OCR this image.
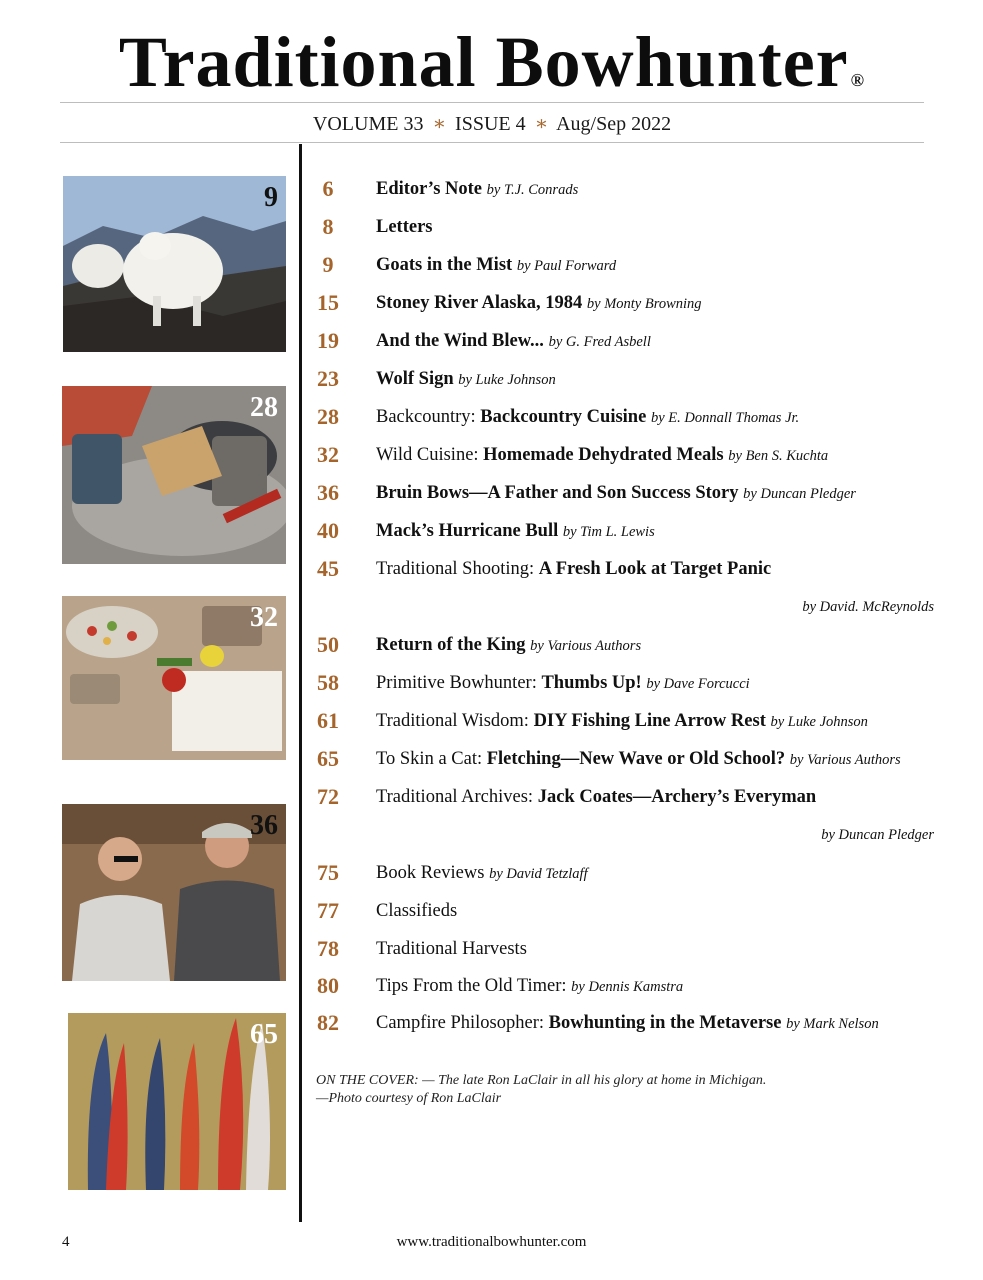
Traditional Bowhunter ®
VOLUME 33 ∗ ISSUE 4 ∗ Aug/Sep 2022
9
28
32
36
65
6	Editor’s Note by T.J. Conrads
8	Letters
9	Goats in the Mist by Paul Forward
15	Stoney River Alaska, 1984 by Monty Browning
19	And the Wind Blew... by G. Fred Asbell
23	Wolf Sign by Luke Johnson
28	Backcountry: Backcountry Cuisine by E. Donnall Thomas Jr.
32	Wild Cuisine: Homemade Dehydrated Meals by Ben S. Kuchta
36	Bruin Bows—A Father and Son Success Story by Duncan Pledger
40	Mack’s Hurricane Bull by Tim L. Lewis
45	Traditional Shooting: A Fresh Look at Target Panic
by David. McReynolds
50	Return of the King by Various Authors
58	Primitive Bowhunter: Thumbs Up! by Dave Forcucci
61	Traditional Wisdom: DIY Fishing Line Arrow Rest by Luke Johnson
65	To Skin a Cat: Fletching—New Wave or Old School? by Various Authors
72	Traditional Archives: Jack Coates—Archery’s Everyman
by Duncan Pledger
75	Book Reviews by David Tetzlaff
77	Classifieds
78	Traditional Harvests
80	Tips From the Old Timer: by Dennis Kamstra
82	Campfire Philosopher: Bowhunting in the Metaverse by Mark Nelson
ON THE COVER: — The late Ron LaClair in all his glory at home in Michigan.
—Photo courtesy of Ron LaClair
www.traditionalbowhunter.com
4
